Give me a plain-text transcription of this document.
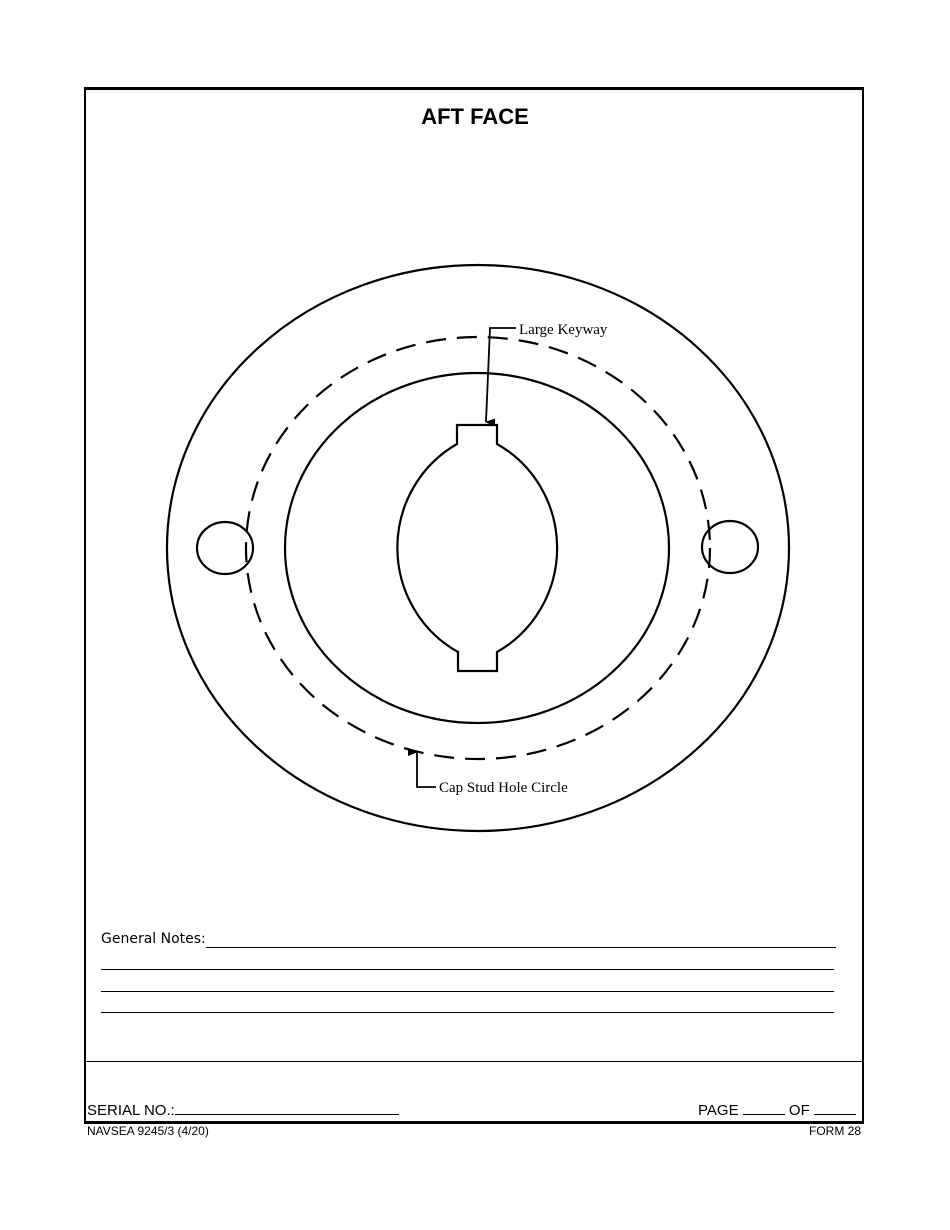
AFT FACE
Large Keyway
Cap Stud Hole Circle
General Notes:
SERIAL NO.:	PAGE	OF
NAVSEA 9245/3 (4/20)	FORM 28
